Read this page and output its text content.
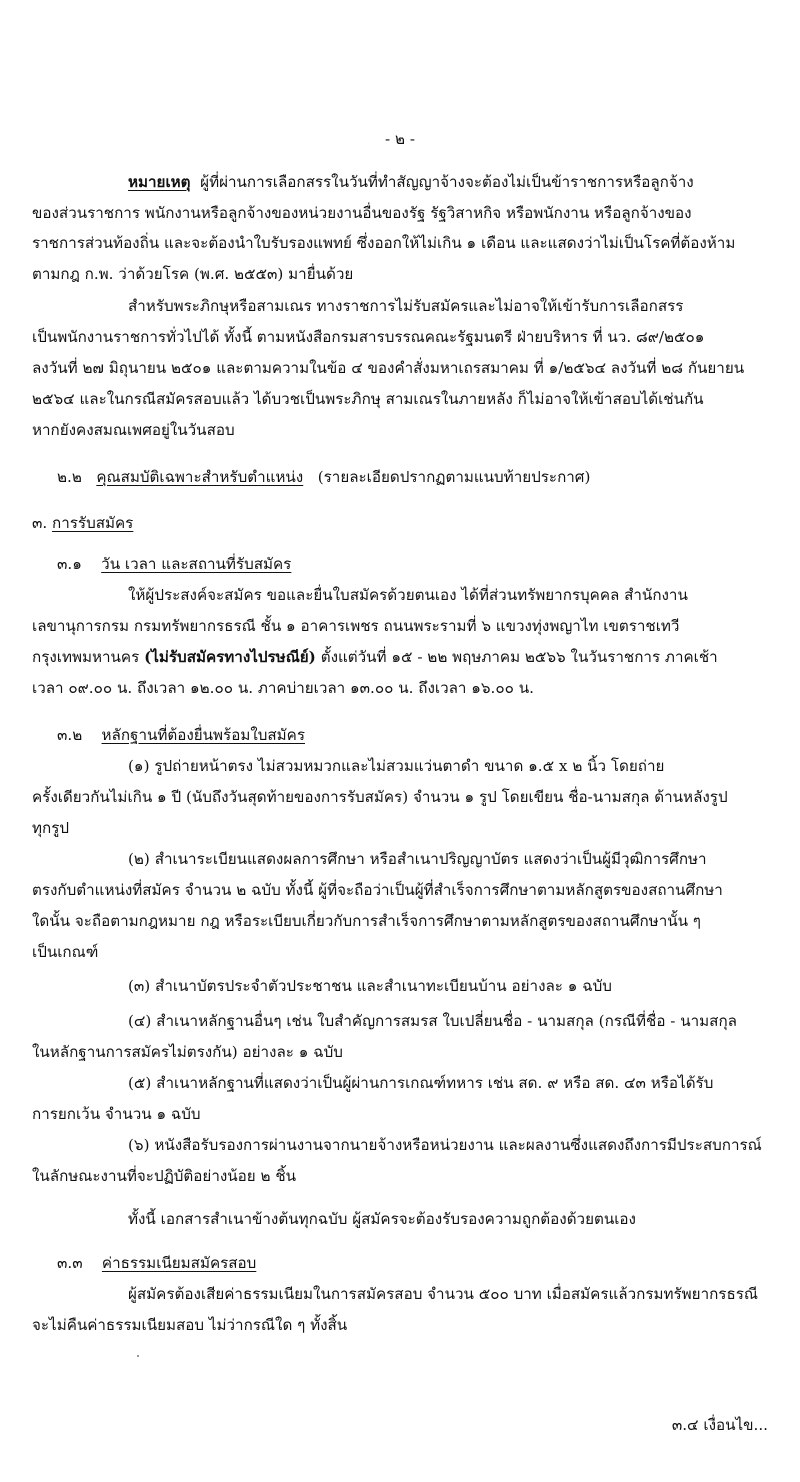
- ๒ -
หมายเหตุ ผู้ที่ผ่านการเลือกสรรในวันที่ทำสัญญาจ้างจะต้องไม่เป็นข้าราชการหรือลูกจ้าง
ของส่วนราชการ พนักงานหรือลูกจ้างของหน่วยงานอื่นของรัฐ รัฐวิสาหกิจ หรือพนักงาน หรือลูกจ้างของ
ราชการส่วนท้องถิ่น และจะต้องนำใบรับรองแพทย์ ซึ่งออกให้ไม่เกิน ๑ เดือน และแสดงว่าไม่เป็นโรคที่ต้องห้าม
ตามกฎ ก.พ. ว่าด้วยโรค (พ.ศ. ๒๕๕๓) มายื่นด้วย
สำหรับพระภิกษุหรือสามเณร ทางราชการไม่รับสมัครและไม่อาจให้เข้ารับการเลือกสรร
เป็นพนักงานราชการทั่วไปได้ ทั้งนี้ ตามหนังสือกรมสารบรรณคณะรัฐมนตรี ฝ่ายบริหาร ที่ นว. ๘๙/๒๕๐๑
ลงวันที่ ๒๗ มิถุนายน ๒๕๐๑ และตามความในข้อ ๔ ของคำสั่งมหาเถรสมาคม ที่ ๑/๒๕๖๔ ลงวันที่ ๒๘ กันยายน
๒๕๖๔ และในกรณีสมัครสอบแล้ว ได้บวชเป็นพระภิกษุ สามเณรในภายหลัง ก็ไม่อาจให้เข้าสอบได้เช่นกัน
หากยังคงสมณเพศอยู่ในวันสอบ
๒.๒ คุณสมบัติเฉพาะสำหรับตำแหน่ง (รายละเอียดปรากฏตามแนบท้ายประกาศ)
๓. การรับสมัคร
๓.๑ วัน เวลา และสถานที่รับสมัคร
ให้ผู้ประสงค์จะสมัคร ขอและยื่นใบสมัครด้วยตนเอง ได้ที่ส่วนทรัพยากรบุคคล สำนักงาน
เลขานุการกรม กรมทรัพยากรธรณี ชั้น ๑ อาคารเพชร ถนนพระรามที่ ๖ แขวงทุ่งพญาไท เขตราชเทวี
กรุงเทพมหานคร (ไม่รับสมัครทางไปรษณีย์) ตั้งแต่วันที่ ๑๕ - ๒๒ พฤษภาคม ๒๕๖๖ ในวันราชการ ภาคเช้า
เวลา ๐๙.๐๐ น. ถึงเวลา ๑๒.๐๐ น. ภาคบ่ายเวลา ๑๓.๐๐ น. ถึงเวลา ๑๖.๐๐ น.
๓.๒ หลักฐานที่ต้องยื่นพร้อมใบสมัคร
(๑) รูปถ่ายหน้าตรง ไม่สวมหมวกและไม่สวมแว่นตาดำ ขนาด ๑.๕ x ๒ นิ้ว โดยถ่าย
ครั้งเดียวกันไม่เกิน ๑ ปี (นับถึงวันสุดท้ายของการรับสมัคร) จำนวน ๑ รูป โดยเขียน ชื่อ-นามสกุล ด้านหลังรูป
ทุกรูป
(๒) สำเนาระเบียนแสดงผลการศึกษา หรือสำเนาปริญญาบัตร แสดงว่าเป็นผู้มีวุฒิการศึกษา
ตรงกับตำแหน่งที่สมัคร จำนวน ๒ ฉบับ ทั้งนี้ ผู้ที่จะถือว่าเป็นผู้ที่สำเร็จการศึกษาตามหลักสูตรของสถานศึกษา
ใดนั้น จะถือตามกฎหมาย กฎ หรือระเบียบเกี่ยวกับการสำเร็จการศึกษาตามหลักสูตรของสถานศึกษานั้น ๆ
เป็นเกณฑ์
(๓) สำเนาบัตรประจำตัวประชาชน และสำเนาทะเบียนบ้าน อย่างละ ๑ ฉบับ
(๔) สำเนาหลักฐานอื่นๆ เช่น ใบสำคัญการสมรส ใบเปลี่ยนชื่อ - นามสกุล (กรณีที่ชื่อ - นามสกุล
ในหลักฐานการสมัครไม่ตรงกัน) อย่างละ ๑ ฉบับ
(๕) สำเนาหลักฐานที่แสดงว่าเป็นผู้ผ่านการเกณฑ์ทหาร เช่น สด. ๙ หรือ สด. ๔๓ หรือได้รับ
การยกเว้น จำนวน ๑ ฉบับ
(๖) หนังสือรับรองการผ่านงานจากนายจ้างหรือหน่วยงาน และผลงานซึ่งแสดงถึงการมีประสบการณ์
ในลักษณะงานที่จะปฏิบัติอย่างน้อย ๒ ชิ้น
ทั้งนี้ เอกสารสำเนาข้างต้นทุกฉบับ ผู้สมัครจะต้องรับรองความถูกต้องด้วยตนเอง
๓.๓ ค่าธรรมเนียมสมัครสอบ
ผู้สมัครต้องเสียค่าธรรมเนียมในการสมัครสอบ จำนวน ๕๐๐ บาท เมื่อสมัครแล้วกรมทรัพยากรธรณี
จะไม่คืนค่าธรรมเนียมสอบ ไม่ว่ากรณีใด ๆ ทั้งสิ้น
๓.๔ เงื่อนไข...
